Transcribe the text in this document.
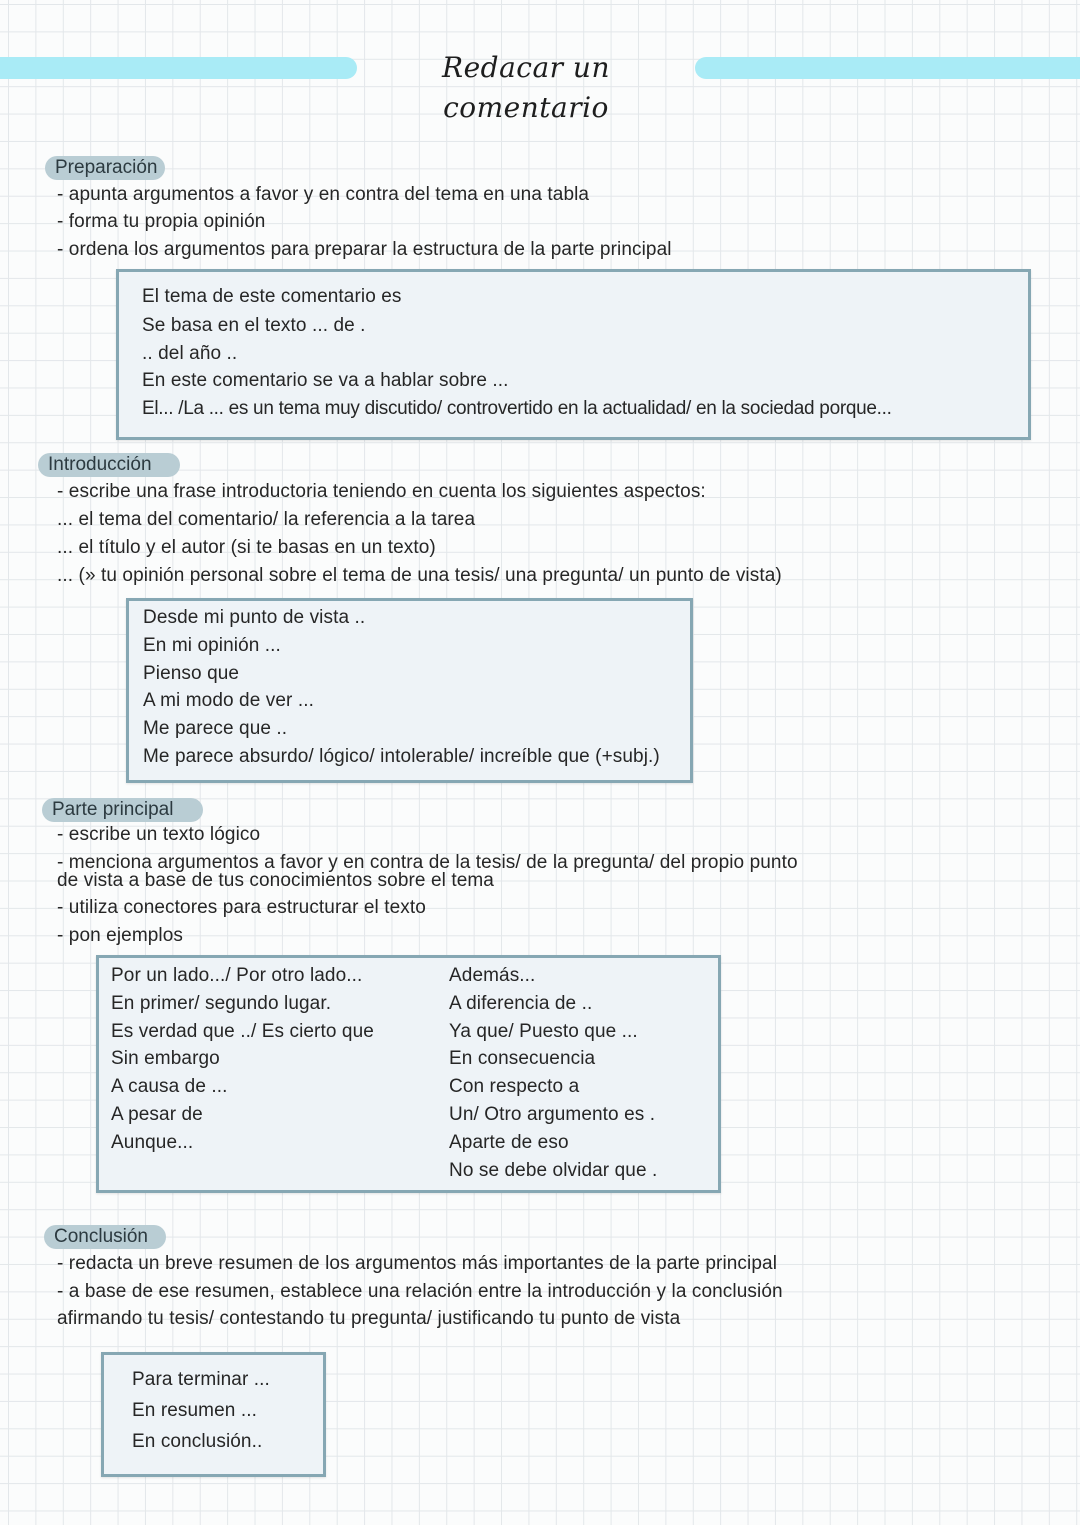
Redacar un comentario
Preparación
- apunta argumentos a favor y en contra del tema en una tabla
- forma tu propia opinión
- ordena los argumentos para preparar la estructura de la parte principal
El tema de este comentario es
Se basa en el texto ... de .
.. del año ..
En este comentario se va a hablar sobre ...
El... /La ... es un tema muy discutido/ controvertido en la actualidad/ en la sociedad porque...
Introducción
- escribe una frase introductoria teniendo en cuenta los siguientes aspectos:
... el tema del comentario/ la referencia a la tarea
... el título y el autor (si te basas en un texto)
... (» tu opinión personal sobre el tema de una tesis/ una pregunta/ un punto de vista)
Desde mi punto de vista ..
En mi opinión ...
Pienso que
A mi modo de ver ...
Me parece que ..
Me parece absurdo/ lógico/ intolerable/ increíble que (+subj.)
Parte principal
- escribe un texto lógico
- menciona argumentos a favor y en contra de la tesis/ de la pregunta/ del propio punto
de vista a base de tus conocimientos sobre el tema
- utiliza conectores para estructurar el texto
- pon ejemplos
Por un lado.../ Por otro lado...
En primer/ segundo lugar.
Es verdad que ../ Es cierto que
Sin embargo
A causa de ...
A pesar de
Aunque...
Además...
A diferencia de ..
Ya que/ Puesto que ...
En consecuencia
Con respecto a
Un/ Otro argumento es .
Aparte de eso
No se debe olvidar que .
Conclusión
- redacta un breve resumen de los argumentos más importantes de la parte principal
- a base de ese resumen, establece una relación entre la introducción y la conclusión
afirmando tu tesis/ contestando tu pregunta/ justificando tu punto de vista
Para terminar ...
En resumen ...
En conclusión..
